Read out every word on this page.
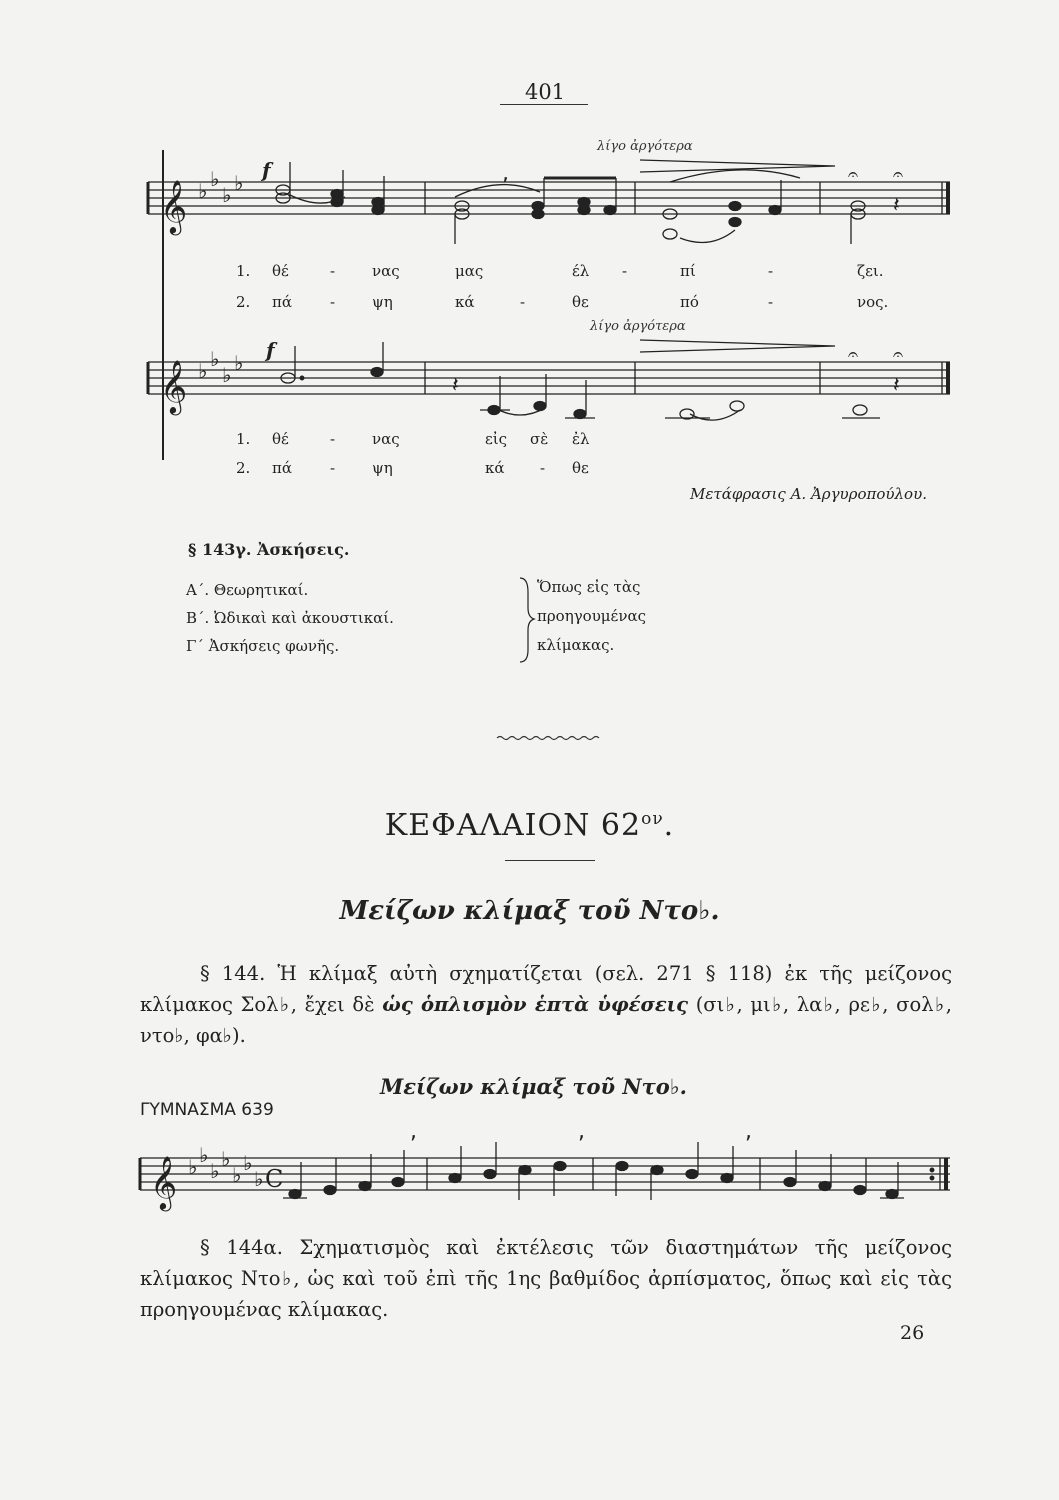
401
𝄞
𝄞
𝄞
♭ ♭
♭ ♭
♭ ♭
♭ ♭
♭ ♭
♭ ♭
♭ ♭
♭ C
𝄐 𝄐
𝄐 𝄐
𝄽
𝄽	𝄽
,
,	,	,
λίγο ἀργότερα
f
1. θέ	- νας	μας	έλ -	πί	-	ζει.
2. πά	- ψη	κά	-	θε	πό	-	νος.
λίγο ἀργότερα
f
1. θέ	- νας	εἰς σὲ ἐλ
2. πά	- ψη	κά - θε
Μετάφρασις Α. Ἀργυροπούλου.
§ 143γ. Ἀσκήσεις.
Α΄. Θεωρητικαί.
Β΄. Ὠδικαὶ καὶ ἀκουστικαί.
Γ΄ Ἀσκήσεις φωνῆς.
Ὅπως εἰς τὰς
προηγουμένας
κλίμακας.
ΚΕΦΑΛΑΙΟΝ $62^{o\nu}$.
Μείζων κλίμαξ τοῦ Ντο♭.

§ 144. Ἡ κλίμαξ αὐτὴ σχηματίζεται (σελ. 271 § 118) ἐκ τῆς μείζονος κλίμακος Σολ♭, ἔχει δὲ ὡς ὁπλισμὸν ἑπτὰ ὑφέσεις (σι♭, μι♭, λα♭, ρε♭, σολ♭, ντο♭, φα♭).

Μείζων κλίμαξ τοῦ Ντο♭.
ΓΥΜΝΑΣΜΑ 639

§ 144α. Σχηματισμὸς καὶ ἐκτέλεσις τῶν διαστημάτων τῆς μείζονος κλίμακος Ντο♭, ὡς καὶ τοῦ ἐπὶ τῆς 1ης βαθμίδος ἀρπίσματος, ὅπως καὶ εἰς τὰς προηγουμένας κλίμακας.

26
